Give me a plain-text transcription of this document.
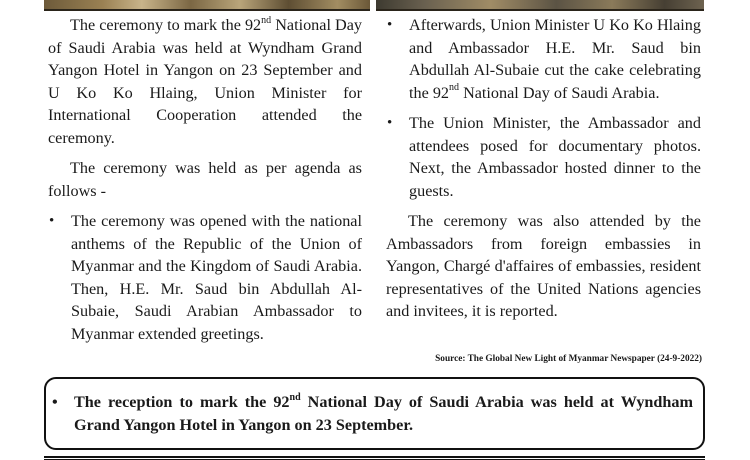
The ceremony to mark the 92nd National Day of Saudi Arabia was held at Wyndham Grand Yangon Hotel in Yangon on 23 September and U Ko Ko Hlaing, Union Minister for International Cooperation attended the ceremony.

The ceremony was held as per agenda as follows -

• The ceremony was opened with the national anthems of the Republic of the Union of Myanmar and the Kingdom of Saudi Arabia. Then, H.E. Mr. Saud bin Abdullah Al-Subaie, Saudi Arabian Ambassador to Myanmar extended greetings.
• Afterwards, Union Minister U Ko Ko Hlaing and Ambassador H.E. Mr. Saud bin Abdullah Al-Subaie cut the cake celebrating the 92nd National Day of Saudi Arabia.
• The Union Minister, the Ambassador and attendees posed for documentary photos. Next, the Ambassador hosted dinner to the guests.

The ceremony was also attended by the Ambassadors from foreign embassies in Yangon, Chargé d'affaires of embassies, resident representatives of the United Nations agencies and invitees, it is reported.

Source: The Global New Light of Myanmar Newspaper (24-9-2022)
• The reception to mark the 92nd National Day of Saudi Arabia was held at Wyndham Grand Yangon Hotel in Yangon on 23 September.
